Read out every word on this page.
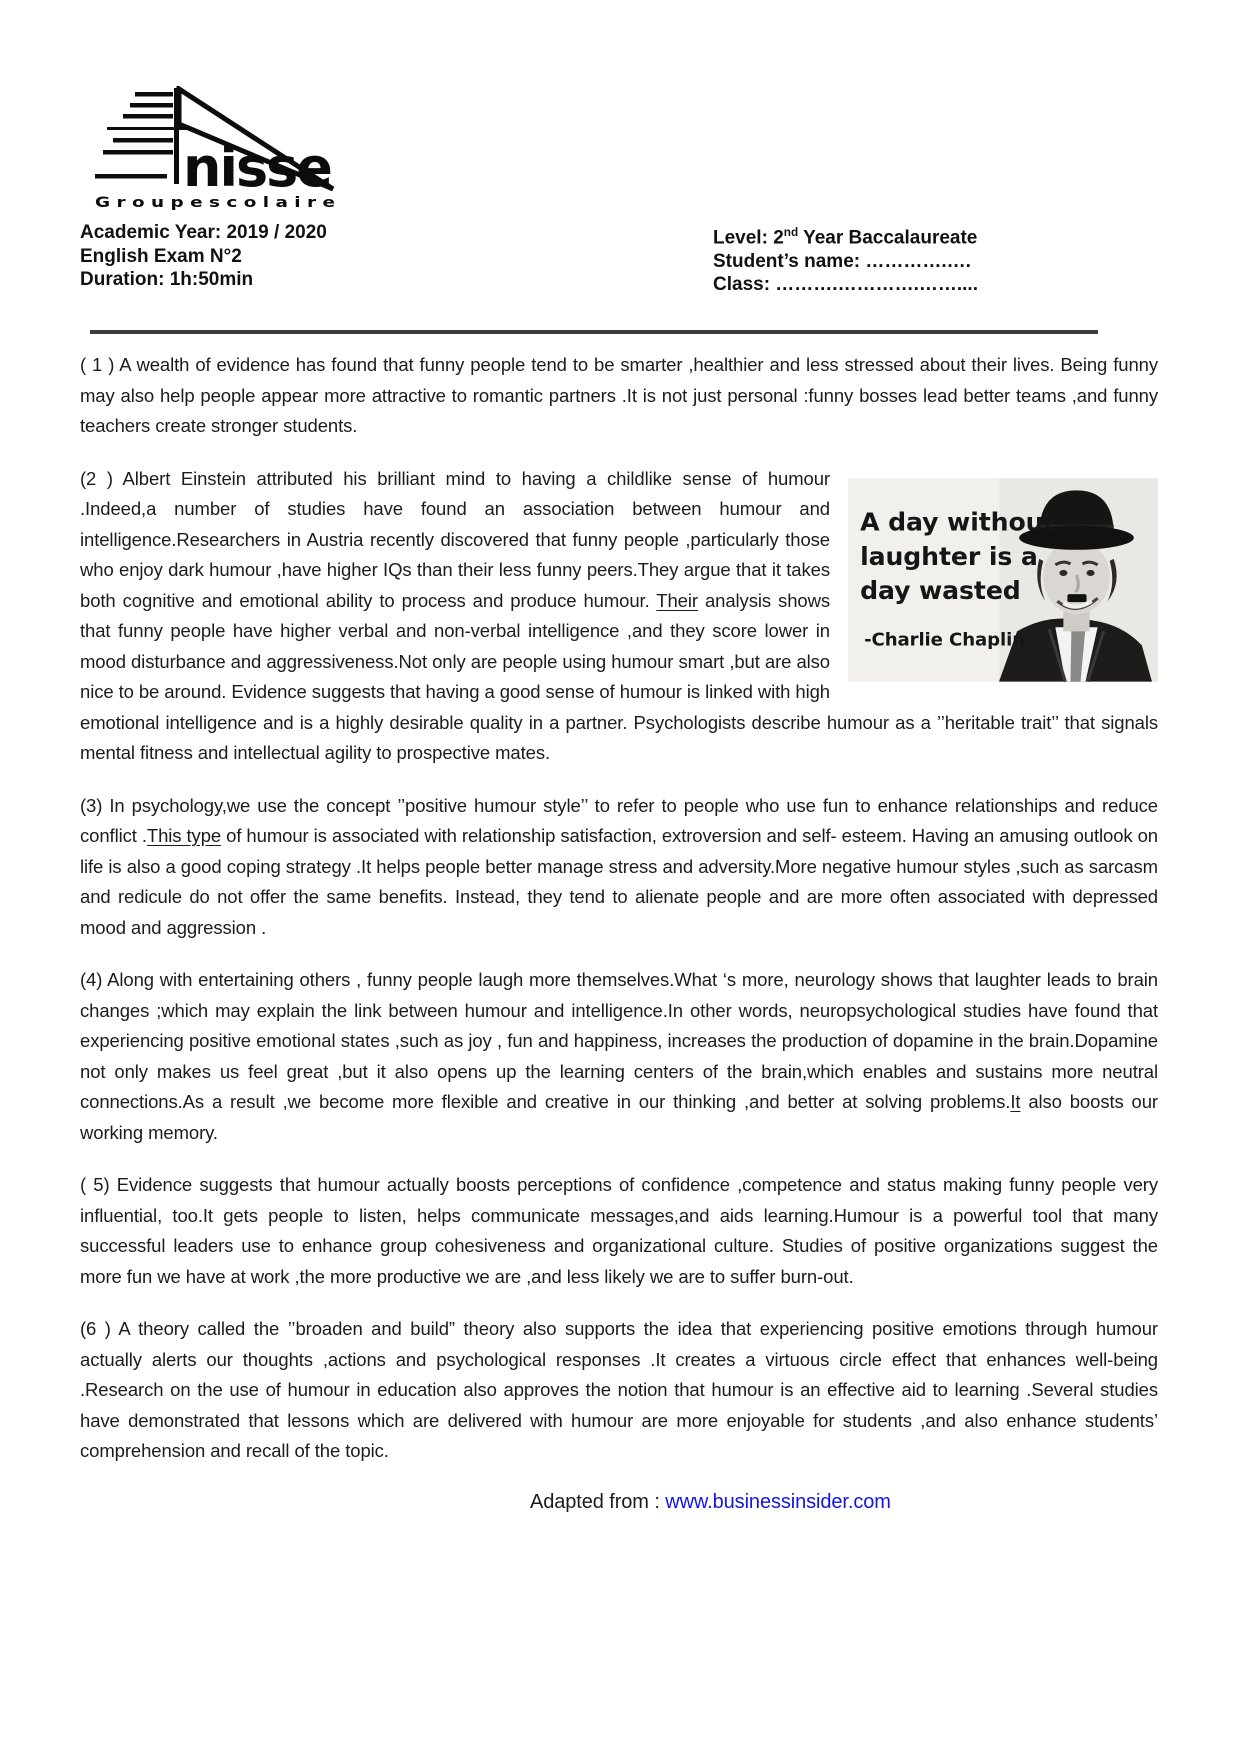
nisse
G r o u p e s c o l a i r e
Academic Year: 2019 / 2020
English Exam N°2
Duration: 1h:50min
Level: 2nd Year Baccalaureate
Student’s name: ………….….
Class: ……….………….……....

( 1 ) A wealth of evidence has found that funny people tend to be smarter ,healthier and less stressed about their lives. Being funny may also help people appear more attractive to romantic partners .It is not just personal :funny bosses lead better teams ,and funny teachers create stronger students.

A day without
laughter is a
day wasted
-Charlie Chaplin
(2 ) Albert Einstein attributed his brilliant mind to having a childlike sense of humour .Indeed,a number of studies have found an association between humour and intelligence.Researchers in Austria recently discovered that funny people ,particularly those who enjoy dark humour ,have higher IQs than their less funny peers.They argue that it takes both cognitive and emotional ability to process and produce humour. Their analysis shows that funny people have higher verbal and non-verbal intelligence ,and they score lower in mood disturbance and aggressiveness.Not only are people using humour smart ,but are also nice to be around. Evidence suggests that having a good sense of humour is linked with high emotional intelligence and is a highly desirable quality in a partner. Psychologists describe humour as a ’’heritable trait’’ that signals mental fitness and intellectual agility to prospective mates.

(3) In psychology,we use the concept ’’positive humour style’’ to refer to people who use fun to enhance relationships and reduce conflict .This type of humour is associated with relationship satisfaction, extroversion and self- esteem. Having an amusing outlook on life is also a good coping strategy .It helps people better manage stress and adversity.More negative humour styles ,such as sarcasm and redicule do not offer the same benefits. Instead, they tend to alienate people and are more often associated with depressed mood and aggression .

(4) Along with entertaining others , funny people laugh more themselves.What ‘s more, neurology shows that laughter leads to brain changes ;which may explain the link between humour and intelligence.In other words, neuropsychological studies have found that experiencing positive emotional states ,such as joy , fun and happiness, increases the production of dopamine in the brain.Dopamine not only makes us feel great ,but it also opens up the learning centers of the brain,which enables and sustains more neutral connections.As a result ,we become more flexible and creative in our thinking ,and better at solving problems.It also boosts our working memory.

( 5) Evidence suggests that humour actually boosts perceptions of confidence ,competence and status making funny people very influential, too.It gets people to listen, helps communicate messages,and aids learning.Humour is a powerful tool that many successful leaders use to enhance group cohesiveness and organizational culture. Studies of positive organizations suggest the more fun we have at work ,the more productive we are ,and less likely we are to suffer burn-out.

(6 ) A theory called the ’’broaden and build” theory also supports the idea that experiencing positive emotions through humour actually alerts our thoughts ,actions and psychological responses .It creates a virtuous circle effect that enhances well-being .Research on the use of humour in education also approves the notion that humour is an effective aid to learning .Several studies have demonstrated that lessons which are delivered with humour are more enjoyable for students ,and also enhance students’ comprehension and recall of the topic.

Adapted from : www.businessinsider.com
